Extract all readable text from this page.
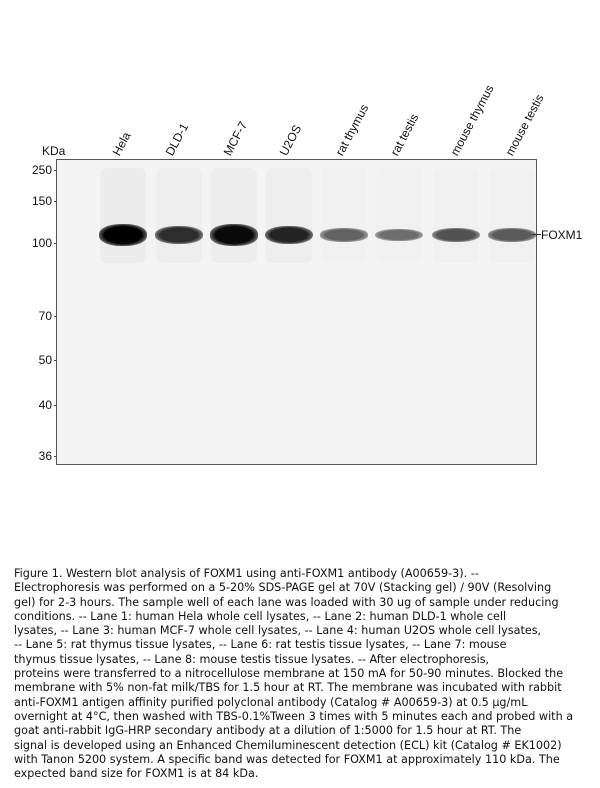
KDa
250
150
100
70
50
40
36
Hela DLD-1 MCF-7 U2OS rat thymus rat testis mouse thymus mouse testis
FOXM1

Figure 1. Western blot analysis of FOXM1 using anti-FOXM1 antibody (A00659-3). --

Electrophoresis was performed on a 5-20% SDS-PAGE gel at 70V (Stacking gel) / 90V (Resolving

gel) for 2-3 hours. The sample well of each lane was loaded with 30 ug of sample under reducing

conditions. -- Lane 1: human Hela whole cell lysates, -- Lane 2: human DLD-1 whole cell

lysates, -- Lane 3: human MCF-7 whole cell lysates, -- Lane 4: human U2OS whole cell lysates,

-- Lane 5: rat thymus tissue lysates, -- Lane 6: rat testis tissue lysates, -- Lane 7: mouse

thymus tissue lysates, -- Lane 8: mouse testis tissue lysates. -- After electrophoresis,

proteins were transferred to a nitrocellulose membrane at 150 mA for 50-90 minutes. Blocked the

membrane with 5% non-fat milk/TBS for 1.5 hour at RT. The membrane was incubated with rabbit

anti-FOXM1 antigen affinity purified polyclonal antibody (Catalog # A00659-3) at 0.5 μg/mL

overnight at 4°C, then washed with TBS-0.1%Tween 3 times with 5 minutes each and probed with a

goat anti-rabbit IgG-HRP secondary antibody at a dilution of 1:5000 for 1.5 hour at RT. The

signal is developed using an Enhanced Chemiluminescent detection (ECL) kit (Catalog # EK1002)

with Tanon 5200 system. A specific band was detected for FOXM1 at approximately 110 kDa. The

expected band size for FOXM1 is at 84 kDa.
